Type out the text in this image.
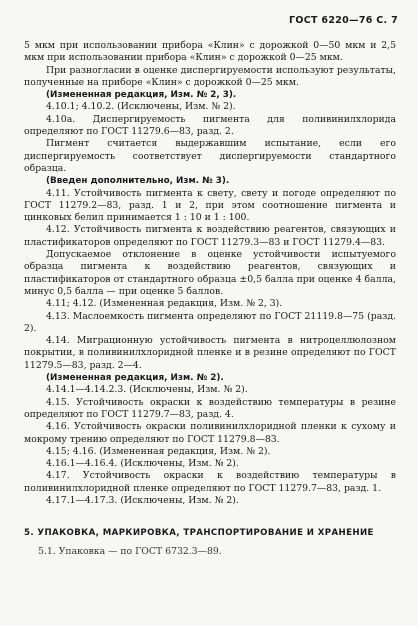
ГОСТ 6220—76 С. 7

5 мкм при использовании прибора «Клин» с дорожкой 0—50 мкм и 2,5 мкм при использовании прибора «Клин» с дорожкой 0—25 мкм.

При разногласии в оценке диспергируемости используют результаты, полученные на приборе «Клин» с дорожкой 0—25 мкм.

(Измененная редакция, Изм. № 2, 3).

4.10.1; 4.10.2. (Исключены, Изм. № 2).

4.10а. Диспергируемость пигмента для поливинилхлорида определяют по ГОСТ 11279.6—83, разд. 2.

Пигмент считается выдержавшим испытание, если его диспергируемость соответствует диспергируемости стандартного образца.

(Введен дополнительно, Изм. № 3).

4.11. Устойчивость пигмента к свету, свету и погоде определяют по ГОСТ 11279.2—83, разд. 1 и 2, при этом соотношение пигмента и цинковых белил принимается 1 : 10 и 1 : 100.

4.12. Устойчивость пигмента к воздействию реагентов, связующих и пластификаторов определяют по ГОСТ 11279.3—83 и ГОСТ 11279.4—83.

Допускаемое отклонение в оценке устойчивости испытуемого образца пигмента к воздействию реагентов, связующих и пластификаторов от стандартного образца ±0,5 балла при оценке 4 балла, минус 0,5 балла — при оценке 5 баллов.

4.11; 4.12. (Измененная редакция, Изм. № 2, 3).

4.13. Маслоемкость пигмента определяют по ГОСТ 21119.8—75 (разд. 2).

4.14. Миграционную устойчивость пигмента в нитроцеллюлозном покрытии, в поливинилхлоридной пленке и в резине определяют по ГОСТ 11279.5—83, разд. 2—4.

(Измененная редакция, Изм. № 2).

4.14.1—4.14.2.3. (Исключены, Изм. № 2).

4.15. Устойчивость окраски к воздействию температуры в резине определяют по ГОСТ 11279.7—83, разд. 4.

4.16. Устойчивость окраски поливинилхлоридной пленки к сухому и мокрому трению определяют по ГОСТ 11279.8—83.

4.15; 4.16. (Измененная редакция, Изм. № 2).

4.16.1—4.16.4. (Исключены, Изм. № 2).

4.17. Устойчивость окраски к воздействию температуры в поливинилхлоридной пленке определяют по ГОСТ 11279.7—83, разд. 1.

4.17.1—4.17.3. (Исключены, Изм. № 2).

5. УПАКОВКА, МАРКИРОВКА, ТРАНСПОРТИРОВАНИЕ И ХРАНЕНИЕ
5.1. Упаковка — по ГОСТ 6732.3—89.
